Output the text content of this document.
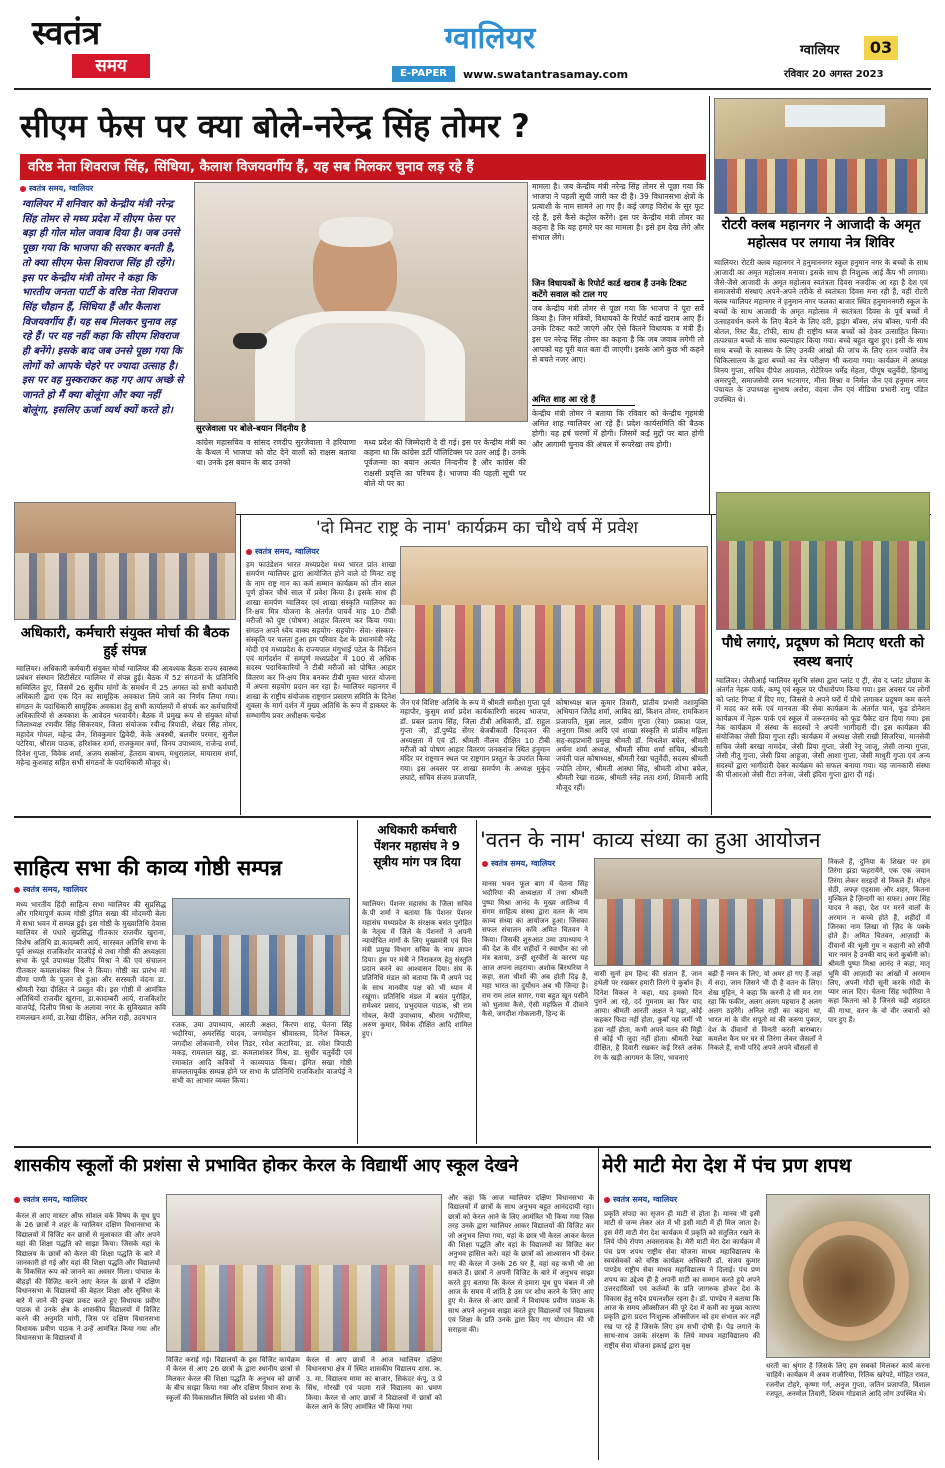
स्वतंत्र
समय
ग्वालियर
E-PAPER	www.swatantrasamay.com
ग्वालियर	03
रविवार 20 अगस्त 2023
सीएम फेस पर क्या बोले-नरेन्द्र सिंह तोमर ?
वरिष्ठ नेता शिवराज सिंह, सिंधिया, कैलाश विजयवर्गीय हैं, यह सब मिलकर चुनाव लड़ रहे हैं
स्वतंत्र समय, ग्वालियर
ग्वालियर में शनिवार को केन्द्रीय मंत्री नरेन्द्र सिंह तोमर से मध्य प्रदेश में सीएम फेस पर बड़ा ही गोल मोल जवाब दिया है। जब उनसे पूछा गया कि भाजपा की सरकार बनती है, तो क्या सीएम फेस शिवराज सिंह ही रहेंगे। इस पर केन्द्रीय मंत्री तोमर ने कहा कि भारतीय जनता पार्टी के वरिष्ठ नेता शिवराज सिंह चौहान हैं, सिंधिया हैं और कैलाश विजयवर्गीय हैं। यह सब मिलकर चुनाव लड़ रहे हैं। पर यह नहीं कहा कि सीएम शिवराज ही बनेंगे। इसके बाद जब उनसे पूछा गया कि लोगों को आपके चेहरे पर ज्यादा उत्साह है। इस पर वह मुस्कराकर कह गए आप अच्छे से जानते हो मैं क्या बोलूंगा और क्या नहीं बोलूंगा, इसलिए ऊर्जा व्यर्थ क्यों करते हो।
सुरजेवाला पर बोले-बयान निंदनीय है
कांग्रेस महासचिव व सांसद रणदीप सुरजेवाला ने हरियाणा के कैथल में भाजपा को वोट देने वालों को राक्षस बताया था। उनके इस बयान के बाद उनको
मध्य प्रदेश की जिम्मेदारी दे दी गई। इस पर केन्द्रीय मंत्री का कहना था कि कांग्रेस डर्टी पॉलिटिक्स पर उतर आई है। उनके पूर्वजन्मा का बयान अत्यंत निन्दनीय है और कांग्रेस की राक्षसी प्रवृत्ति का परिचय है। भाजपा की पहली सूची पर बोले यो पर का
मामला है। जब केन्द्रीय मंत्री नरेन्द्र सिंह तोमर से पूछा गया कि भाजपा ने पहली सूची जारी कर दी है। 39 विधानसभा क्षेत्रों के प्रत्याशी के नाम सामने आ गए हैं। कई जगह विरोध के सुर फूट रहे हैं, इसे कैसे कंट्रोल करेंगे। इस पर केन्द्रीय मंत्री तोमर का कहना है कि यह हमारे घर का मामला है। इसे हम देख लेंगे और संभाल लेंगे।
जिन विधायकों के रिपोर्ट कार्ड खराब हैं उनके टिकट कटेंगे सवाल को टाल गए
जब केन्द्रीय मंत्री तोमर से पूछा गया कि भाजपा ने पूरा सर्वे किया है। जिन मंत्रियों, विधायकों के रिपोर्ट कार्ड खराब आए हैं। उनके टिकट काटे जाएंगे और ऐसे कितने विधायक व मंत्री हैं। इस पर नरेन्द्र सिंह तोमर का कहना है कि जब जवाब लगेगी तो आपको यह पूरी बात बता दी जाएगी। इसके आगे कुछ भी कहने से बचते नजर आए।
अमित शाह आ रहे हैं
केन्द्रीय मंत्री तोमर ने बताया कि रविवार को केन्द्रीय गृहमंत्री अमित शाह ग्वालियर आ रहे हैं। प्रदेश कार्यसमिति की बैठक होगी। यह हर्ष चरणों में होगी। जिसमें कई मुद्दों पर बात होगी और आगामी चुनाव की अंचल में रूपरेखा तय होगी।
रोटरी क्लब महानगर ने आजादी के अमृत महोत्सव पर लगाया नेत्र शिविर
ग्वालियर। रोटरी क्लब महानगर ने हनुमाननगर स्कूल हनुमान नगर के बच्चों के साथ आजादी का अमृत महोत्सव मनाया। इसके साथ ही निशुल्क आई कैंप भी लगाया। जैसे-जैसे आजादी के अमृत महोत्सव स्वतंत्रता दिवस नजदीक आ रहा है देश एवं समाजसेवी संस्थाएं अपने-अपने तरीके से स्वतंत्रता दिवस मना रही हैं, वहीं रोटरी क्लब ग्वालियर महानगर ने हनुमान नगर फलका बाजार स्थित हनुमाननगरी स्कूल के बच्चों के साथ आजादी के अमृत महोत्सव में स्वतंत्रता दिवस के पूर्व बच्चों में उत्साहवर्धन करने के लिए बैठने के लिए दरी, ड्राइंग बॉक्स, लंच बॉक्स, पानी की बोतल, रिस्ट बैंड, टॉफी, साथ ही राष्ट्रीय ध्वज बच्चों को देकर उत्साहित किया। तत्पश्चात बच्चों के साथ स्वल्पाहार किया गया। बच्चे बहुत खुश हुए। इसी के साथ साथ बच्चों के स्वास्थ्य के लिए उनकी आंखों की जांच के लिए रतन ज्योति नेत्र चिकित्सालय के द्वारा बच्चों का नेत्र परीक्षण भी कराया गया। कार्यक्रम में अध्यक्ष विनय गुप्ता, सचिव दीपेश अग्रवाल, रोटेरियन धर्मेंद्र मेहता, पीयूष चतुर्वेदी, हिमांशु अमरपुरी, समाजसेवी रमन भटनागर, मीना मिश्रा व निर्मल जैन एवं हनुमान नगर पंचायत के उपाध्यक्ष सुभाष अरोरा, वंदना जैन एवं मीडिया प्रभारी रामु पंडित उपस्थित थे।
अधिकारी, कर्मचारी संयुक्त मोर्चा की बैठक हुई संपन्न
ग्वालियर। अधिकारी कर्मचारी संयुक्त मोर्चा ग्वालियर की आवश्यक बैठक राज्य स्वास्थ्य प्रबंधन संस्थान सिटीसेंटर ग्वालियर में संपन्न हुई। बैठक में 52 संगठनों के प्रतिनिधि सम्मिलित हुए, जिसमें 26 सूत्रीय मांगों के समर्थन में 25 अगस्त को सभी कर्मचारी अधिकारी द्वारा एक दिन का सामूहिक अवकाश लिये जाने का निर्णय लिया गया। संगठन के पदाधिकारी सामूहिक अवकाश हेतु सभी कार्यालयों में संपर्क कर कर्मचारियों अधिकारियों से अवकाश के आवेदन भरवायेंगे। बैठक में प्रमुख रूप से संयुक्त मोर्चा जिलाध्यक्ष रणवीर सिंह सिकरवार, जिला संयोजक रवीन्द्र त्रिपाठी, शेखर सिंह तोमर, महादेव गोयल, महेन्द्र जैन, शिवकुमार द्विवेदी, केके अवस्थी, बलवीर परमार, सुनील पटेरिया, श्रीराम पाठक, हरिशंकर शर्मा, राजकुमार वर्मा, विनय उपाध्याय, राजेन्द्र शर्मा, दिनेश गुप्ता, विवेक शर्मा, अजय सक्सेना, हेतराम बाथम, मथुरालाल, मायाराम शर्मा, महेन्द्र कुशवाह सहित सभी संगठनों के पदाधिकारी मौजूद थे।
'दो मिनट राष्ट्र के नाम' कार्यक्रम का चौथे वर्ष में प्रवेश
स्वतंत्र समय, ग्वालियर
हम फाउंडेशन भारत मध्यप्रदेश मध्य भारत प्रांत शाखा समर्पण ग्वालियर द्वारा आयोजित होने वाले दो मिनट राष्ट्र के नाम राष्ट्र गान का कर्म सम्मान कार्यक्रम को तीन साल पूर्ण होकर चौथे साल में प्रवेश किया है। इसके साथ ही शाखा समर्पण ग्वालियर एवं शाखा संस्कृति ग्वालियर का नि-क्षय मित्र योजना के अंतर्गत पाचवें माह 10 टीबी मरीजों को पुष्ट (पोषण) आहार वितरण कर किया गया। संगठन अपने ध्येय वाक्य सहयोग- सहयोग- सेवा- संस्कार- संस्कृति पर चलता हुआ हम परिवार देश के प्रधानमंत्री नरेंद्र मोदी एवं मध्यप्रदेश के राज्यपाल मंगुभाई पटेल के निर्देशन एवं मार्गदर्शन में सम्पूर्ण मध्यप्रदेश में 100 से अधिक सदस्य पदाधिकारियों ने टीबी मरीजों को पोषित आहार वितरण कर नि-क्षय मित्र बनकर टीबी मुक्त भारत योजना में अपना सहयोग प्रदान कर रहा है। ग्वालियर महानगर में शाखा के राष्ट्रीय संयोजक राष्ट्रगान प्रसारण समिति के दिनेश शुक्ला के मार्ग दर्शन में मुख्य अतिथि के रूप में डाकघर के सम्भागीय प्रवर अधीक्षक चन्द्रेश
जैन एवं विशिष्ट अतिथि के रूप में श्रीमती समीक्षा गुप्ता पूर्व महापौर, कुसुम शर्मा प्रदेश कार्यकारिणी सदस्य भाजपा, डॉ. प्रबल प्रताप सिंह, जिला टीबी अधिकारी, डॉ. राहुल गुप्ता जी, डॉ.पुष्पेंद्र सेंगर बेजबीकारी दिनदजन की अध्यक्षता में एवं डॉ. श्रीमती नीलम दीक्षित 10 टीबी मरीजों को पोषण आहार वितरण जनकरांज स्थित हनुमान मंदिर पर राष्ट्रगान स्थल पर राष्ट्रगान प्रस्तुत के उपरांत किया गया। इस अवसर पर शाखा समर्पण के अध्यक्ष मुकुंद लघाटे, सचिव संजय प्रजापति,
कोषाध्यक्ष बाल कुमार तिवारी, प्रांतीय प्रभारी नशामुक्ति अभियान जितेंद्र शर्मा, आबिद खां, किशन तोमर, रामकिशन प्रजापति, मुन्ना लाल, प्रवीण गुप्ता (रेवा) प्रकाश पाल, अनुराग मिश्रा आदि एवं शाखा संस्कृति से प्रांतीय महिला सह-सहप्रभारी प्रमुख श्रीमती डॉ. मिथलेश बघेल, श्रीमती अर्चना शर्मा अध्यक्ष, श्रीमती सीमा शर्मा सचिव, श्रीमती जयंती पाल कोषाध्यक्ष, श्रीमती रेखा चतुर्वेदी, सदस्य श्रीमती ज्योति तोमर, श्रीमती आस्था सिंह, श्रीमती शोभा बघेल, श्रीमती रेखा राठक, श्रीमती स्नेह लता शर्मा, शिवानी आदि मौजूद रहीं।
पौधे लगाएं, प्रदूषण को मिटाए धरती को स्वस्थ बनाएं
ग्वालियर। जेसीआई ग्वालियर सुरभि संस्था द्वारा प्लांट ए ट्री, सेव द प्लांट प्रोग्राम के अंतर्गत नेहरू पार्क, कम्पू एवं स्कूल पर पौधारोपण किया गया। इस अवसर पर लोगों को प्लांट गिफ्ट में दिए गए, जिससे वे अपने घरों में पौधे लगाकर प्रदूषण कम करने में मदद कर सकें एवं मानवता की सेवा कार्यक्रम के अंतर्गत पान, फूड डोनेशन कार्यक्रम में नेहरू पार्क एवं स्कूल में जरूरतमंद को फूड पैकेट दान दिया गया। इस नेक कार्यक्रम में संस्था के सदस्यों ने अपनी भागीदारी दी। इस कार्यक्रम की संयोजिका जेसी प्रिया गुप्ता रहीं। कार्यक्रम में अध्यक्ष जेसी राखी सिजरिया, मानसेवी सचिव जेसी बरखा नामदेव, जेसी प्रिया गुप्ता, जेसी रेनू जाजू, जेसी तान्या गुप्ता, जेसी नीतू गुप्ता, जेसी प्रिया आहूजा, जेसी आशा गुप्ता, जेसी माधुरी गुप्ता एवं अन्य सदस्यों द्वारा भागीदारी देकर कार्यक्रम को सफल बनाया गया। यह जानकारी संस्था की पीआरओ जेसी रीटा तनेजा, जेसी इंदिरा गुप्ता द्वारा दी गई।
साहित्य सभा की काव्य गोष्ठी सम्पन्न
स्वतंत्र समय, ग्वालियर
मध्य भारतीय हिंदी साहित्य सभा ग्वालियर की सुप्रसिद्ध और गरिमापूर्ण काव्य गोष्ठी इंगित सखा की मोदमयी बेला में सभा भवन में सम्पन्न हुई। इस गोष्ठी के मुख्यातिथि देवास ग्वालियर से पधारे सुप्रसिद्ध गीतकार राजवीर खुराना, विशेष अतिथि डा.कादम्बरी आर्य, सारस्वत अतिथि सभा के पूर्व अध्यक्ष राजकिशोर वाजपेई थे तथा गोष्ठी की अध्यक्षता सभा के पूर्व उपाध्यक्ष दिलीप मिश्रा ने की एवं संचालन गीतकार कमलाशंकर मिश्र ने किया। गोष्ठी का प्रारंभ मां वीणा पाणी के पूजन से हुआ और सरस्वती वंदना डा. श्रीमती रेखा दीक्षित ने प्रस्तुत की। इस गोष्ठी में आमंत्रित अतिथियों राजवीर खुराना, डा.कादम्बरी आर्य, राजकिशोर वाजपेई, दिलीप मिश्रा के अलावा नगर के सुविख्यात कवि रामलखन शर्मा, डा.रेखा दीक्षित, अनिल राही, उदयभान
रजक, उमा उपाध्याय, आरती अक्षत, किरण शाह, चेतना सिंह भदौरिया, अमरसिंह यादव, जगमोहन श्रीवास्तव, दिनेश विकल, जगदीश लोकवानी, रमेश निडर, रमेश कटारिया, डा. रमेश त्रिपाठी मकड़, रामलाल खड्ड, डा. कमलाशंकर मिश्र, डा. सुधीर चतुर्वेदी एवं रमाकांत आदि कवियों ने काव्यपाठ किया। इंगित सखा गोष्ठी सफलतापूर्वक सम्पन्न होने पर सभा के प्रतिनिधि राजकिशोर वाजपेई ने सभी का आभार व्यक्त किया।
अधिकारी कर्मचारी पेंशनर महासंघ ने 9 सूत्रीय मांग पत्र दिया
ग्वालियर। पेंशनर महासंघ के जिला सचिव के.पी शर्मा ने बताया कि पेंशनर पेंशनर महासंघ मध्यप्रदेश के संरक्षक बसंत पुरोहित के नेतृत्व में जिले के पेंशनरों ने अपनी न्यायोचित मांगों के लिए मुख्यमंत्री एवं वित्त मंत्री प्रमुख विभाग सचिव के नाम ज्ञापन दिया। इस पर मंत्री ने निराकरण हेतु संस्तुति प्रदान करने का आश्वासन दिया। संघ के प्रतिनिधि मंडल को बताया कि मैं अपने पद के साथ मानवीय पक्ष को भी ध्यान में रखूंगा। प्रतिनिधि मंडल में बसंत पुरोहित, रामेश्वर प्रसाद, प्रभुदयाल पाठक, श्री राम गोयल, केपी उपाध्याय, श्रीराम भदौरिया, अरुण कुमार, विवेक दीक्षित आदि शामिल हुए।
'वतन के नाम' काव्य संध्या का हुआ आयोजन
स्वतंत्र समय, ग्वालियर
मानस भवन फूल बाग में चेतना सिंह भदौरिया की अध्यक्षता में तथा श्रीमती पुष्पा मिश्रा आनंद के मुख्य आतिथ्य में संगम साहित्य संस्था द्वारा वतन के नाम काव्य संध्या का आयोजन हुआ। जिसका सफल संचालन कवि अमित चितवन ने किया। जिसकी शुरुआत उमा उपाध्याय ने की देश के वीर शहीदों ने स्वाधीन का जो मंत्र बताया, उन्हीं शूरवीरों के कारण यह आज अपना लहराया। अशोक बिरथरिया ने कहा, सता थीशों की अब होती दिढ़ है, महा भारत का दुर्योधन अब भी जिन्दा है। राम राम लाल सागर, गया बहुत खून पसीने को भुलाया कैसे, ऐसी महफ़िल मैं दीवाने कैसे, जगदीश गोकलानी, हिन्द के
वासी सुनो हम हिन्द की संतान हैं, जान हथेली पर रखकर हमारी तिरंगे पे कुर्बान हैं। दिनेश विकल ने कहा, याद हमको दिन पुराने आ रहे, दर्द गुमनाम का फिर याद आया। श्रीमती आरती अक्षत ने पढ़ा, कोई कहकर फिदा नहीं होता, कुर्बाँ यह जमीं भी हवा नहीं होता, कभी अपने वतन की मिट्टी से कोई भी जुदा नहीं होता। श्रीमती रेखा दीक्षित, है दिवारी रखकर कई रिस्ते अनेक रंग के खड़ी आगमन के लिए, भावनाएं
बढ़ी हैं नमन के लिए, यो अमर हो गए हैं जहां में सदा, जान जिसने भी दी है वतन के लिए। शेख मुहिन, ने कहा कि करनी दे सी मन राग रहा कि फकीर, अलग अलग पहचान है अलग अलग ठहरेंगे। अनिल राही का कहना था, भारत मां के वीर सपूतो मां की करुण पुकार, देश के दीवानों से विनती करती बारम्बार। कमलेश कैन घर घर से तिरंगा लेकर जैसलों ने निकले हैं, सभी परिंदे अपने अपने चौंसलों से
निकले हैं, दुनिया के शिखर पर हम तिरंगा झंडा फहरायेंगे, एक एक जवान तिरंगा लेकर सरहदों से निकले हैं। मोहन सेठी, लफ्ज़ एहसास और शहर, कितना मुश्किल है ज़िन्दगी का सफर। अमर सिंह यादव ने कहा, देश पर मरने वालों के अरमान न कच्चे होते हैं, शहीदों में जिनका नाम लिखा वो ज़िद के पक्के होते हैं। अमित चितवन, आज़ादी के दीवानों की भूली गुम न कहानी को सौंपी चार नमन है उनकी याद करो कुर्बानी को। श्रीमती पुष्पा मिश्रा आनंद ने कहा, मातृ भूमि की आज़ादी का आंखों में अरमान लिए, अपनी गोदी सूनी करके गोदी के प्यार लाल दिए। चेतना सिंह भदौरिया ने कहा कितना को है जिनसे चढ़ी शहादत की गाथा, वतन के वो वीर जवानों को पार हुए हैं।
शासकीय स्कूलों की प्रशंसा से प्रभावित होकर केरल के विद्यार्थी आए स्कूल देखने
स्वतंत्र समय, ग्वालियर
केरल से आए मास्टर ऑफ सोशल वर्क विषय के यूथ ग्रुप के 26 छात्रों ने शहर के ग्वालियर दक्षिण विधानसभा के विद्यालयों में विजिट कर छात्रों से मुलाकात की और अपने यहां की शिक्षा पद्धति को साझा किया। जिसके यहां के विद्यालय के छात्रों को केरल की शिक्षा पद्धति के बारे में जानकारी हो गई और यहां की शिक्षा पद्धति और विद्यालयों के विकसित रूप को जानने का अवसर मिला। पांचाल के बीहड़ों की विजिट करने आए केरल के छात्रों ने दक्षिण विधानसभा के विद्यालयों की बेहतर शिक्षा और सुविधा के बारे में जाने की इच्छा प्रकट करते हुए विधायक प्रवीण पाठक से उनके क्षेत्र के शासकीय विद्यालयों में विजिट करने की अनुमति मांगी, जिस पर दक्षिण विधानसभा विधायक प्रवीण पाठक ने उन्हें आमंत्रित किया गया और विधानसभा के विद्यालयों में
विजिट कराई गई। विद्यालयों के इस विजिट कार्यक्रम में केरल से आए 26 छात्रों के द्वारा स्थानीय छात्रों से मिलकर केरल की शिक्षा पद्धति के अनुभव को छात्रों के बीच साझा किया गया और दक्षिण विधान सभा के स्कूलों की विकासशील स्थिति को प्रशंसा भी की।
केरल से आए छात्रों ने आज ग्वालियर दक्षिण विधानसभा क्षेत्र में स्थित शासकीय विद्यालय शास. क. उ. मा. विद्यालय मामा का बाजार, सिकंदर कंपू, उ प्रे सिंध, गोरखी एवं पदमा राजे विद्यालय का भ्रमण किया। केरल से आए छात्रों ने विद्यालयों में छात्रों को केरल आने के लिए आमंत्रित भी किया गया
और कहा कि आज ग्वालियर दक्षिण विधानसभा के विद्यालयों में छात्रों के साथ अनुभव बहुत आनंददायी रहा। छात्रों को केरल आने के लिए आमंत्रित भी किया गया जिस तरह उनके द्वारा ग्वालियर आकर विद्यालयों की विजिट कर जो अनुभव लिया गया, यहां के छात्र भी केरल आकर केरल की शिक्षा पद्धति और वहां के विद्यालयों का विजिट कर अनुभव हासिल करें। वहां के छात्रों को आश्वासन भी देकर गए की केरल में उनके 26 घर हैं, वहां वह कभी भी आ सकते हैं। छात्रों ने अपनी विजिट के बारे में अनुभव साझा करते हुए बताया कि केरल से हमारा यूथ ग्रुप चंबल में जो आज के समय में शांति है उस पर शोध करने के लिए आए हुए थे। केरल से आए छात्रों ने विधायक प्रवीण पाठक के साथ अपने अनुभव साझा करते हुए विद्यालयों एवं विद्यालय एवं शिक्षा के प्रति उनके द्वारा किए गए योगदान की भी सराहना की।
मेरी माटी मेरा देश में पंच प्रण शपथ
स्वतंत्र समय, ग्वालियर
प्रकृति संपदा का सृजन ही माटी से होता है। मानव भी इसी माटी से जन्म लेकर अंत में भी इसी माटी में ही मिल जाता है। इस मेरी माटी मेरा देश कार्यक्रम में प्रकृति को संतुलित रखने के लिये पौधे रोपण अवसरावक है। मेरी माटी मेरा देश कार्यक्रम में पंच प्रण शपथ राष्ट्रीय सेवा योजना माधव महाविद्यालय के स्वयंसेवकों को वरिष्ठ कार्यक्रम अधिकारी डॉ. संजय कुमार पाण्डेय राष्ट्रीय सेवा माधव महाविद्यालय ने दिलाई। पंच प्रण शपथ का उद्देश्य ही है अपनी माटी का सम्मान करते हुये अपने उत्तरदायित्वों एवं कर्तव्यों के प्रति जागरुक होकर देश के विकास हेतु सदैव प्रयत्नशील रहना है। डॉ. पाण्डेय ने बताया कि आज के समय ऑक्सीजन की पूरे देश में कमी का मुख्य कारण प्रकृति द्वारा प्रदत्त निःशुल्क ऑक्सीजन को हम संभाल कर नहीं रख पा रहे हैं जिसके लिए हम सभी दोषी हैं। पेड़ लगाने के साथ-साथ उसके संरक्षण के लिये माधव महाविद्यालय की राष्ट्रीय सेवा योजना इकाई द्वारा वृक्ष
धरती का श्रृंगार है जिसके लिए हम सबको मिलकर कार्य करना चाहिये। कार्यक्रम में अवय राजौरिया, रितिक खरेपटे, मोहित रावत, रजनीश टोहरे, कृष्णा गर्ग, अनुज गुप्ता, जतिन प्रजापति, विशाल रजपूत, अनमोल तिवारी, शिवम गोडवाले आदि लोग उपस्थित थे।
